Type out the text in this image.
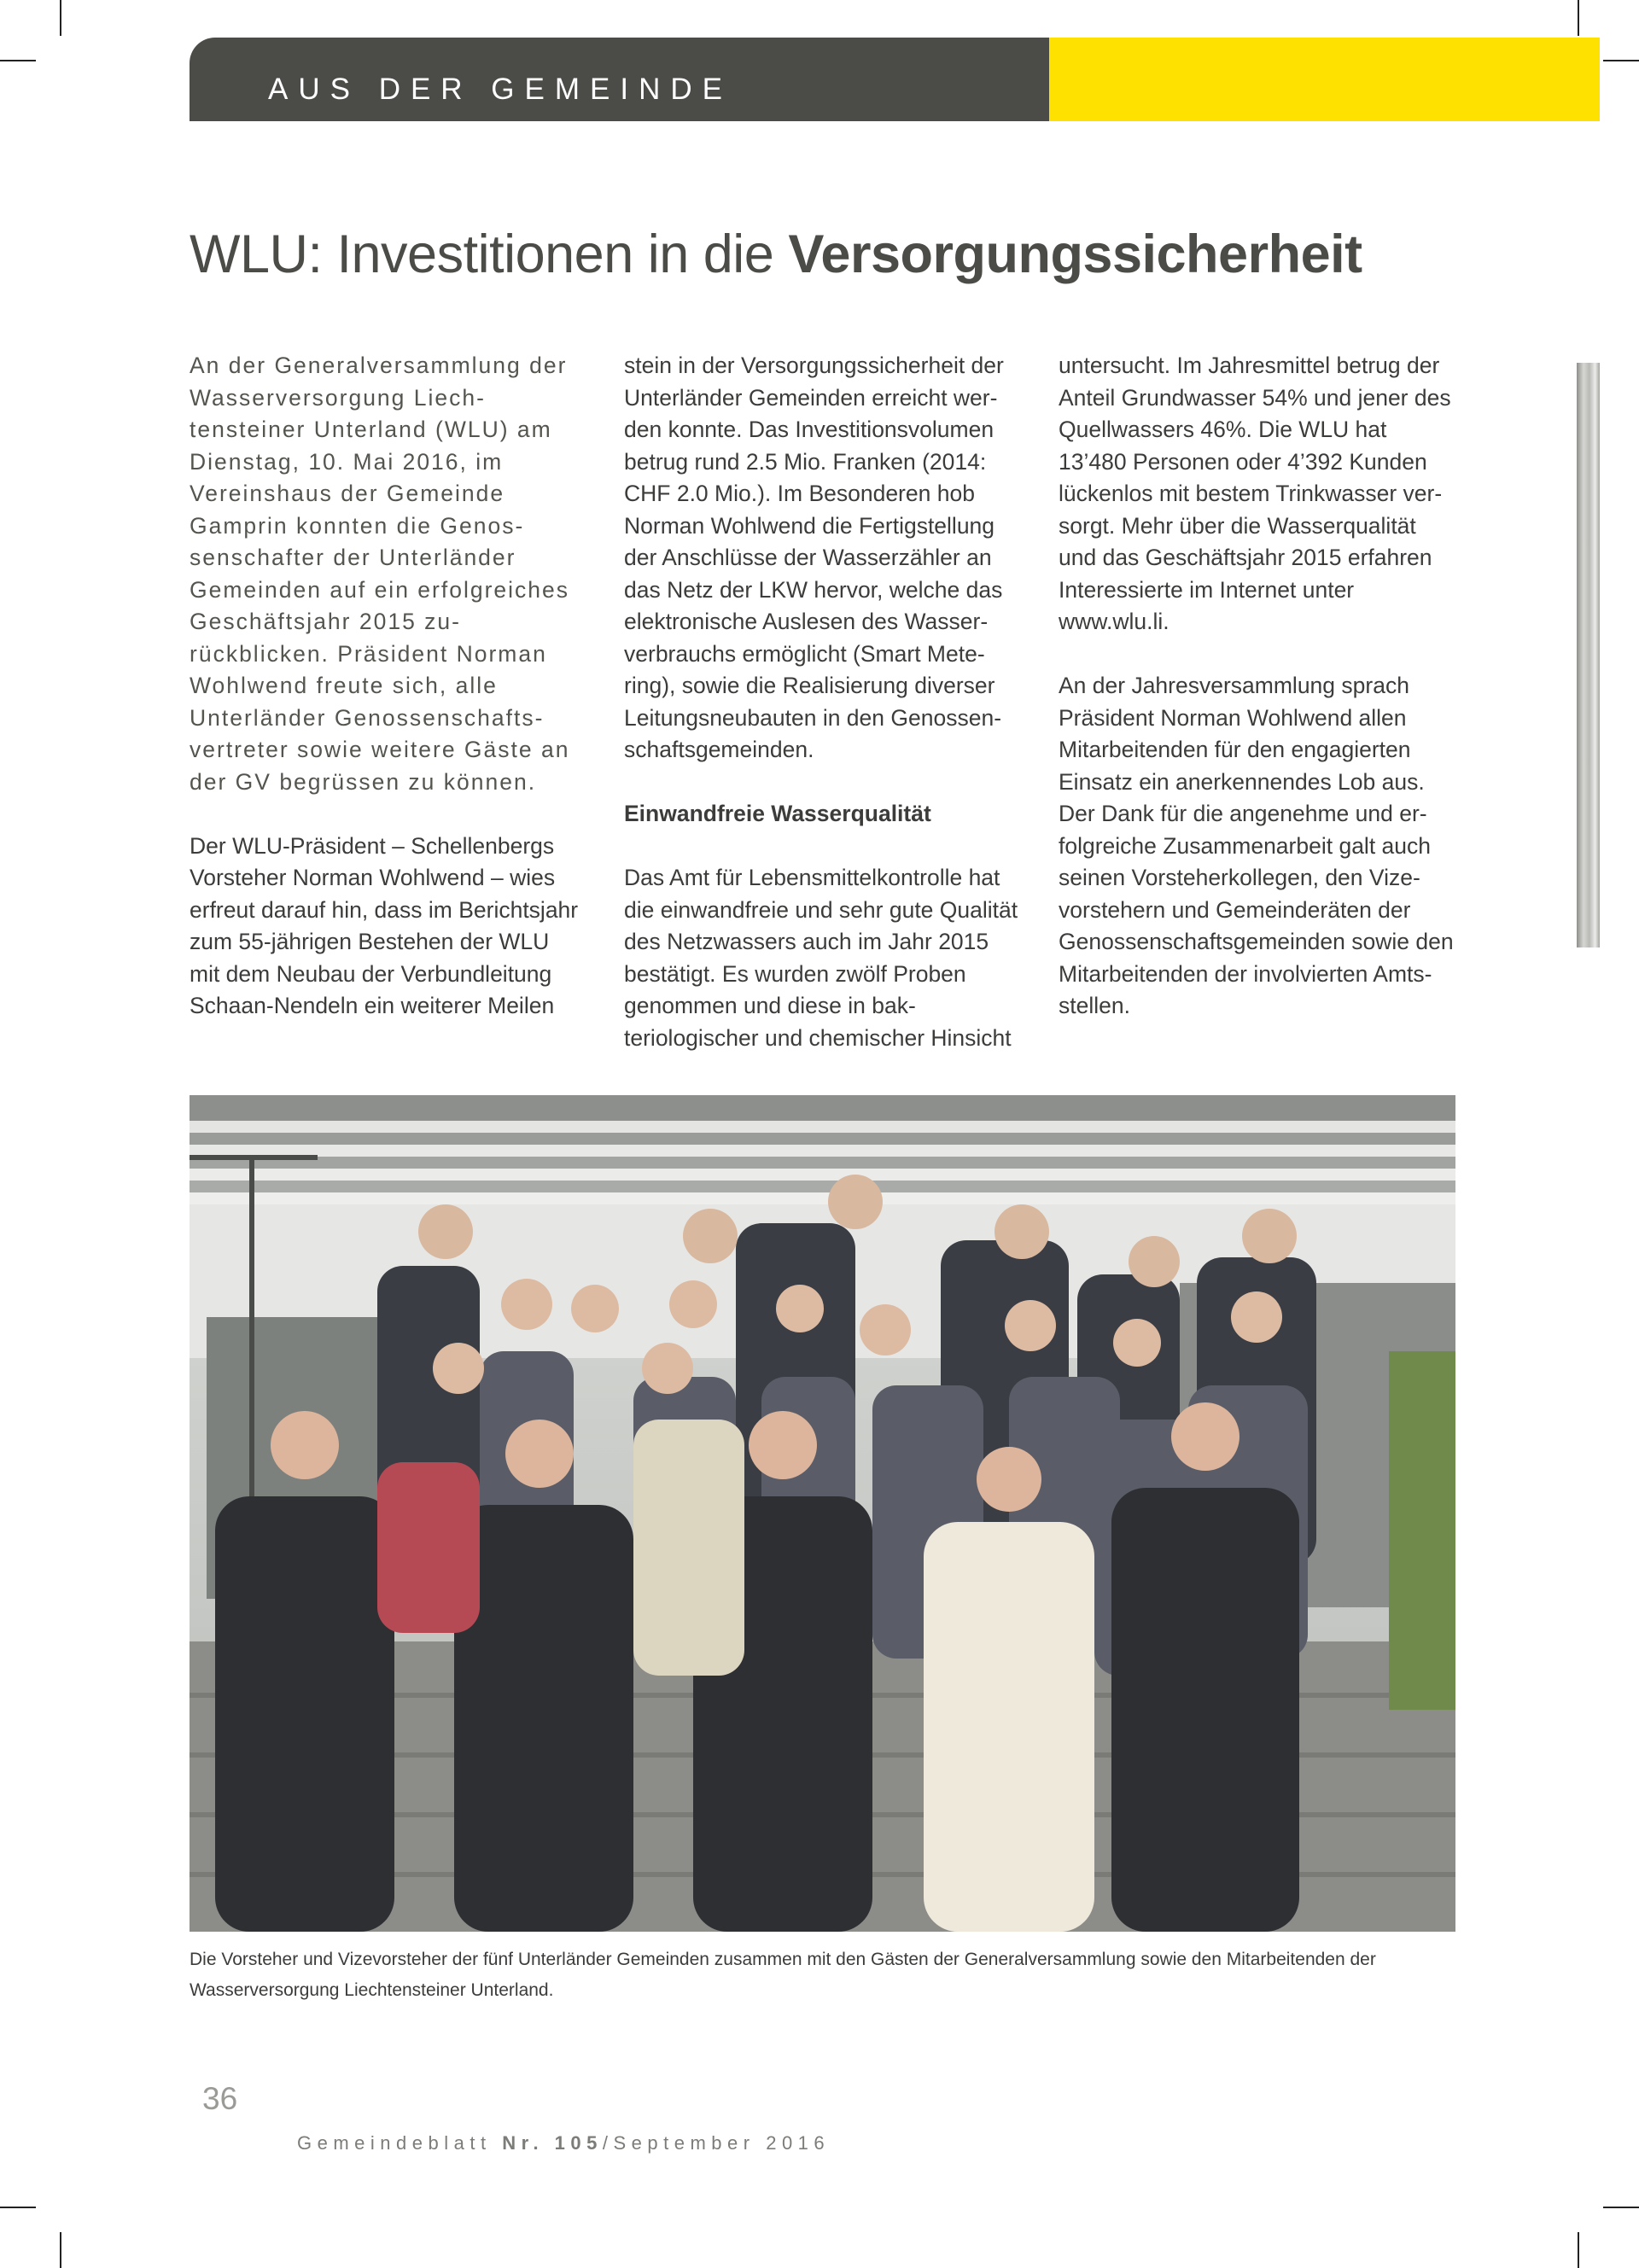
AUS DER GEMEINDE
WLU: Investitionen in die Versorgungssicherheit

An der Generalversammlung der Wasserversorgung Liechtensteiner Unterland (WLU) am Dienstag, 10. Mai 2016, im Vereinshaus der Gemeinde Gamprin konnten die Genossenschafter der Unterländer Gemeinden auf ein erfolgreiches Geschäftsjahr 2015 zurückblicken. Präsident Norman Wohlwend freute sich, alle Unterländer Genossenschaftsvertreter sowie weitere Gäste an der GV begrüssen zu können.

Der WLU-Präsident – Schellenbergs Vorsteher Norman Wohlwend – wies erfreut darauf hin, dass im Berichtsjahr zum 55-jährigen Bestehen der WLU mit dem Neubau der Verbundleitung Schaan-Nendeln ein weiterer Meilen

stein in der Versorgungssicherheit der Unterländer Gemeinden erreicht werden konnte. Das Investitionsvolumen betrug rund 2.5 Mio. Franken (2014: CHF 2.0 Mio.). Im Besonderen hob Norman Wohlwend die Fertigstellung der Anschlüsse der Wasserzähler an das Netz der LKW hervor, welche das elektronische Auslesen des Wasserverbrauchs ermöglicht (Smart Metering), sowie die Realisierung diverser Leitungsneubauten in den Genossenschaftsgemeinden.

Einwandfreie Wasserqualität

Das Amt für Lebensmittelkontrolle hat die einwandfreie und sehr gute Qualität des Netzwassers auch im Jahr 2015 bestätigt. Es wurden zwölf Proben genommen und diese in bakteriologischer und chemischer Hinsicht

untersucht. Im Jahresmittel betrug der Anteil Grundwasser 54% und jener des Quellwassers 46%. Die WLU hat 13’480 Personen oder 4’392 Kunden lückenlos mit bestem Trinkwasser versorgt. Mehr über die Wasserqualität und das Geschäftsjahr 2015 erfahren Interessierte im Internet unter www.wlu.li.

An der Jahresversammlung sprach Präsident Norman Wohlwend allen Mitarbeitenden für den engagierten Einsatz ein anerkennendes Lob aus. Der Dank für die angenehme und erfolgreiche Zusammenarbeit galt auch seinen Vorsteherkollegen, den Vizevorstehern und Gemeinderäten der Genossenschaftsgemeinden sowie den Mitarbeitenden der involvierten Amtsstellen.

Die Vorsteher und Vizevorsteher der fünf Unterländer Gemeinden zusammen mit den Gästen der Generalversammlung sowie den Mitarbeitenden der Wasserversorgung Liechtensteiner Unterland.
36
Gemeindeblatt Nr. 105/September 2016
